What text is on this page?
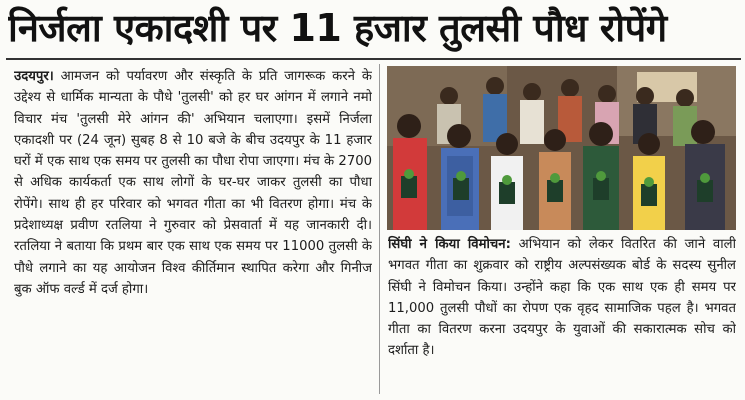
निर्जला एकादशी पर 11 हजार तुलसी पौध रोपेंगे
उदयपुर। आमजन को पर्यावरण और संस्कृति के प्रति जागरूक करने के उद्देश्य से धार्मिक मान्यता के पौधे 'तुलसी' को हर घर आंगन में लगाने नमो विचार मंच 'तुलसी मेरे आंगन की' अभियान चलाएगा। इसमें निर्जला एकादशी पर (24 जून) सुबह 8 से 10 बजे के बीच उदयपुर के 11 हजार घरों में एक साथ एक समय पर तुलसी का पौधा रोपा जाएगा। मंच के 2700 से अधिक कार्यकर्ता एक साथ लोगों के घर-घर जाकर तुलसी का पौधा रोपेंगे। साथ ही हर परिवार को भगवत गीता का भी वितरण होगा। मंच के प्रदेशाध्यक्ष प्रवीण रतलिया ने गुरुवार को प्रेसवार्ता में यह जानकारी दी। रतलिया ने बताया कि प्रथम बार एक साथ एक समय पर 11000 तुलसी के पौधे लगाने का यह आयोजन विश्व कीर्तिमान स्थापित करेगा और गिनीज बुक ऑफ वर्ल्ड में दर्ज होगा।
सिंघी ने किया विमोचन: अभियान को लेकर वितरित की जाने वाली भगवत गीता का शुक्रवार को राष्ट्रीय अल्पसंख्यक बोर्ड के सदस्य सुनील सिंघी ने विमोचन किया। उन्होंने कहा कि एक साथ एक ही समय पर 11,000 तुलसी पौधों का रोपण एक वृहद सामाजिक पहल है। भगवत गीता का वितरण करना उदयपुर के युवाओं की सकारात्मक सोच को दर्शाता है।
